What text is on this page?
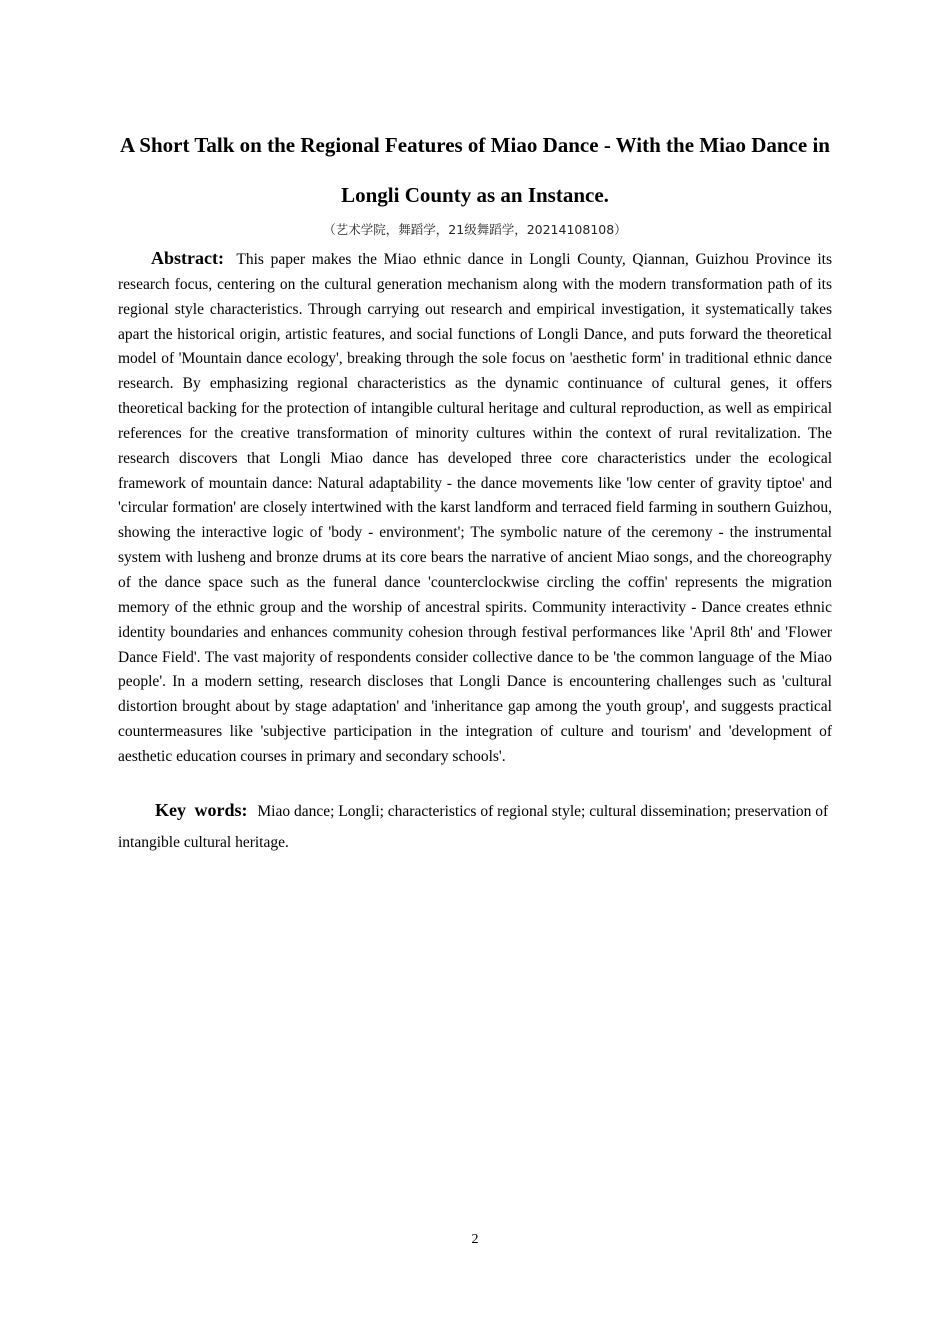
A Short Talk on the Regional Features of Miao Dance - With the Miao Dance in Longli County as an Instance.
（艺术学院，舞蹈学，21级舞蹈学，20214108108）

Abstract: This paper makes the Miao ethnic dance in Longli County, Qiannan, Guizhou Province its research focus, centering on the cultural generation mechanism along with the modern transformation path of its regional style characteristics. Through carrying out research and empirical investigation, it systematically takes apart the historical origin, artistic features, and social functions of Longli Dance, and puts forward the theoretical model of 'Mountain dance ecology', breaking through the sole focus on 'aesthetic form' in traditional ethnic dance research. By emphasizing regional characteristics as the dynamic continuance of cultural genes, it offers theoretical backing for the protection of intangible cultural heritage and cultural reproduction, as well as empirical references for the creative transformation of minority cultures within the context of rural revitalization. The research discovers that Longli Miao dance has developed three core characteristics under the ecological framework of mountain dance: Natural adaptability - the dance movements like 'low center of gravity tiptoe' and 'circular formation' are closely intertwined with the karst landform and terraced field farming in southern Guizhou, showing the interactive logic of 'body - environment'; The symbolic nature of the ceremony - the instrumental system with lusheng and bronze drums at its core bears the narrative of ancient Miao songs, and the choreography of the dance space such as the funeral dance 'counterclockwise circling the coffin' represents the migration memory of the ethnic group and the worship of ancestral spirits. Community interactivity - Dance creates ethnic identity boundaries and enhances community cohesion through festival performances like 'April 8th' and 'Flower Dance Field'. The vast majority of respondents consider collective dance to be 'the common language of the Miao people'. In a modern setting, research discloses that Longli Dance is encountering challenges such as 'cultural distortion brought about by stage adaptation' and 'inheritance gap among the youth group', and suggests practical countermeasures like 'subjective participation in the integration of culture and tourism' and 'development of aesthetic education courses in primary and secondary schools'.

Key words: Miao dance; Longli; characteristics of regional style; cultural dissemination; preservation of intangible cultural heritage.

2
